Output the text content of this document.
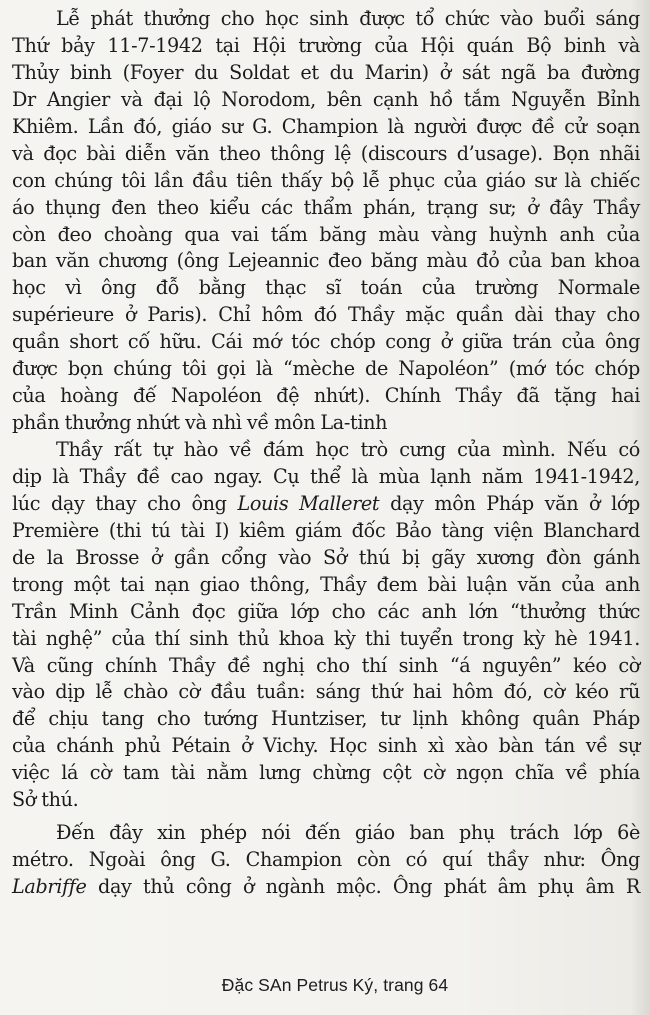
Lễ phát thưởng cho học sinh được tổ chức vào buổi sáng
Thứ bảy 11-7-1942 tại Hội trường của Hội quán Bộ binh và
Thủy binh (Foyer du Soldat et du Marin) ở sát ngã ba đường
Dr Angier và đại lộ Norodom, bên cạnh hồ tắm Nguyễn Bỉnh
Khiêm. Lần đó, giáo sư G. Champion là người được đề cử soạn
và đọc bài diễn văn theo thông lệ (discours d’usage). Bọn nhãi
con chúng tôi lần đầu tiên thấy bộ lễ phục của giáo sư là chiếc
áo thụng đen theo kiểu các thẩm phán, trạng sư; ở đây Thầy
còn đeo choàng qua vai tấm băng màu vàng huỳnh anh của
ban văn chương (ông Lejeannic đeo băng màu đỏ của ban khoa
học vì ông đỗ bằng thạc sĩ toán của trường Normale
supérieure ở Paris). Chỉ hôm đó Thầy mặc quần dài thay cho
quần short cố hữu. Cái mớ tóc chóp cong ở giữa trán của ông
được bọn chúng tôi gọi là “mèche de Napoléon” (mớ tóc chóp
của hoàng đế Napoléon đệ nhứt). Chính Thầy đã tặng hai
phần thưởng nhứt và nhì về môn La-tinh
Thầy rất tự hào về đám học trò cưng của mình. Nếu có
dịp là Thầy đề cao ngay. Cụ thể là mùa lạnh năm 1941-1942,
lúc dạy thay cho ông Louis Malleret dạy môn Pháp văn ở lớp
Première (thi tú tài I) kiêm giám đốc Bảo tàng viện Blanchard
de la Brosse ở gần cổng vào Sở thú bị gãy xương đòn gánh
trong một tai nạn giao thông, Thầy đem bài luận văn của anh
Trần Minh Cảnh đọc giữa lớp cho các anh lớn “thưởng thức
tài nghệ” của thí sinh thủ khoa kỳ thi tuyển trong kỳ hè 1941.
Và cũng chính Thầy đề nghị cho thí sinh “á nguyên” kéo cờ
vào dịp lễ chào cờ đầu tuần: sáng thứ hai hôm đó, cờ kéo rũ
để chịu tang cho tướng Huntziser, tư lịnh không quân Pháp
của chánh phủ Pétain ở Vichy. Học sinh xì xào bàn tán về sự
việc lá cờ tam tài nằm lưng chừng cột cờ ngọn chĩa về phía
Sở thú.
Đến đây xin phép nói đến giáo ban phụ trách lớp 6è
métro. Ngoài ông G. Champion còn có quí thầy như: Ông
Labriffe dạy thủ công ở ngành mộc. Ông phát âm phụ âm R
Đặc SAn Petrus Ký, trang 64
